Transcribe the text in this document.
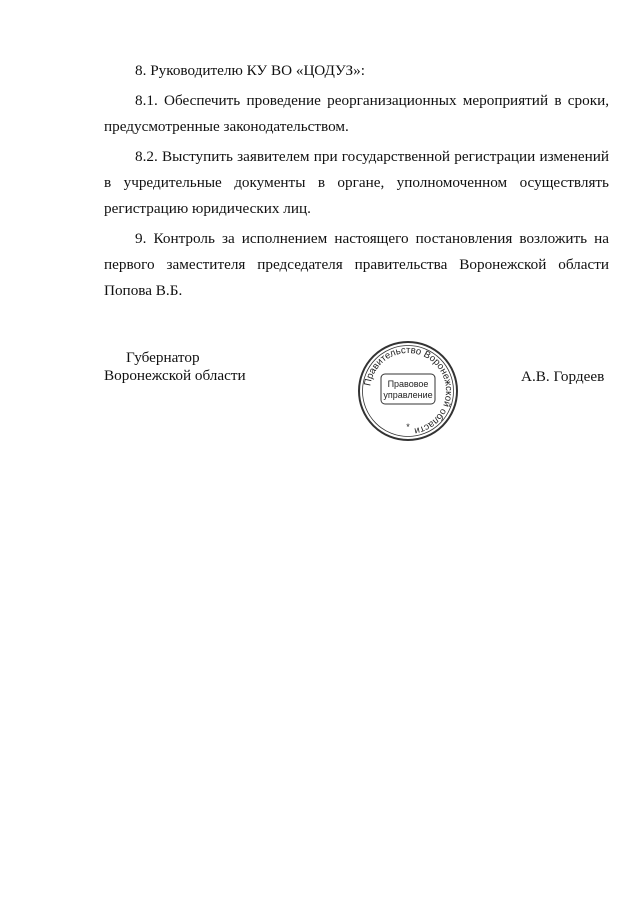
8. Руководителю КУ ВО «ЦОДУЗ»:

8.1. Обеспечить проведение реорганизационных мероприятий в сроки, предусмотренные законодательством.

8.2. Выступить заявителем при государственной регистрации изменений в учредительные документы в органе, уполномоченном осуществлять регистрацию юридических лиц.

9. Контроль за исполнением настоящего постановления возложить на первого заместителя председателя правительства Воронежской области Попова В.Б.

Губернатор
Воронежской области	Правительство Воронежской области
Правовое
управление
*
А.В. Гордеев
